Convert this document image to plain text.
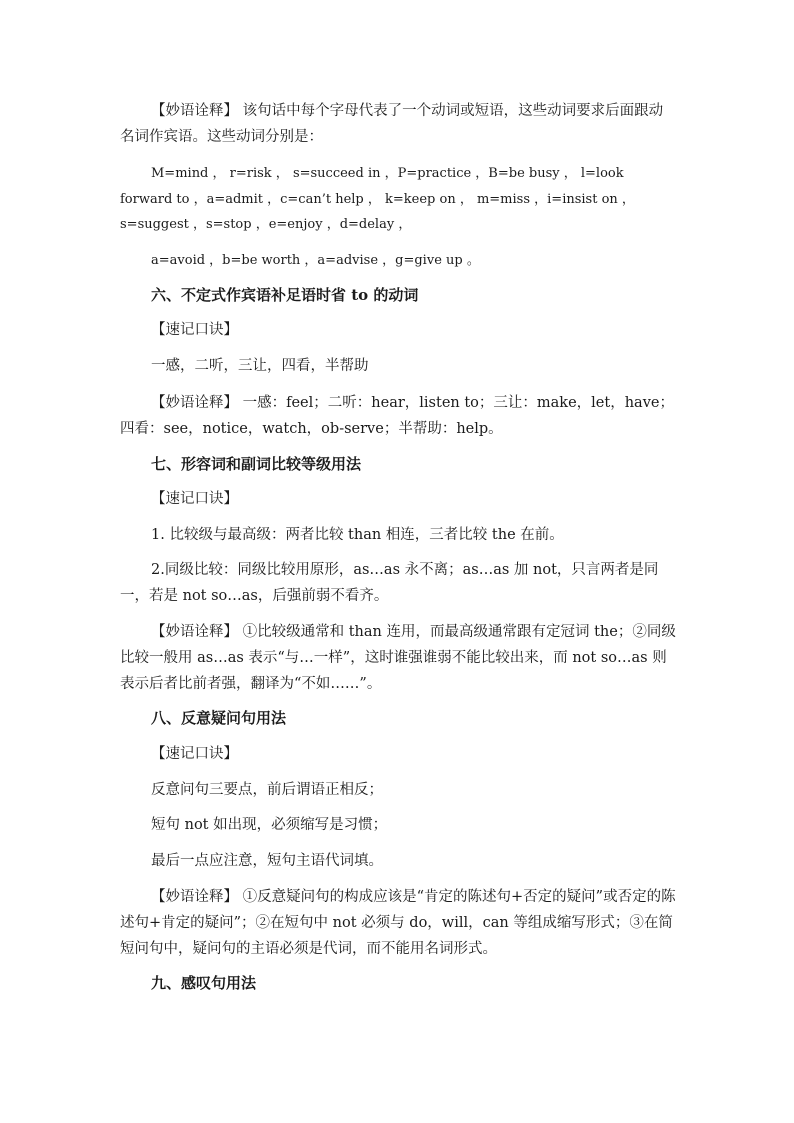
【妙语诠释】 该句话中每个字母代表了一个动词或短语，这些动词要求后面跟动名词作宾语。这些动词分别是：
M=mind ， r=risk ， s=succeed in ，P=practice ，B=be busy ， l=look forward to ，a=admit ，c=can’t help ， k=keep on ， m=miss ，i=insist on ，s=suggest ，s=stop ，e=enjoy ，d=delay ，
a=avoid ，b=be worth ，a=advise ，g=give up 。
六、不定式作宾语补足语时省 to 的动词
【速记口诀】
一感，二听，三让，四看，半帮助
【妙语诠释】 一感：feel；二听：hear，listen to；三让：make，let，have；四看：see，notice，watch，ob-serve；半帮助：help。
七、形容词和副词比较等级用法
【速记口诀】
1. 比较级与最高级：两者比较 than 相连，三者比较 the 在前。
2.同级比较：同级比较用原形，as…as 永不离；as…as 加 not，只言两者是同一，若是 not so…as，后强前弱不看齐。
【妙语诠释】 ①比较级通常和 than 连用，而最高级通常跟有定冠词 the；②同级比较一般用 as…as 表示“与…一样”，这时谁强谁弱不能比较出来，而 not so…as 则表示后者比前者强，翻译为“不如……”。
八、反意疑问句用法
【速记口诀】
反意问句三要点，前后谓语正相反；
短句 not 如出现，必须缩写是习惯；
最后一点应注意，短句主语代词填。
【妙语诠释】 ①反意疑问句的构成应该是“肯定的陈述句+否定的疑问”或否定的陈述句+肯定的疑问”；②在短句中 not 必须与 do，will，can 等组成缩写形式；③在简短问句中，疑问句的主语必须是代词，而不能用名词形式。
九、感叹句用法
